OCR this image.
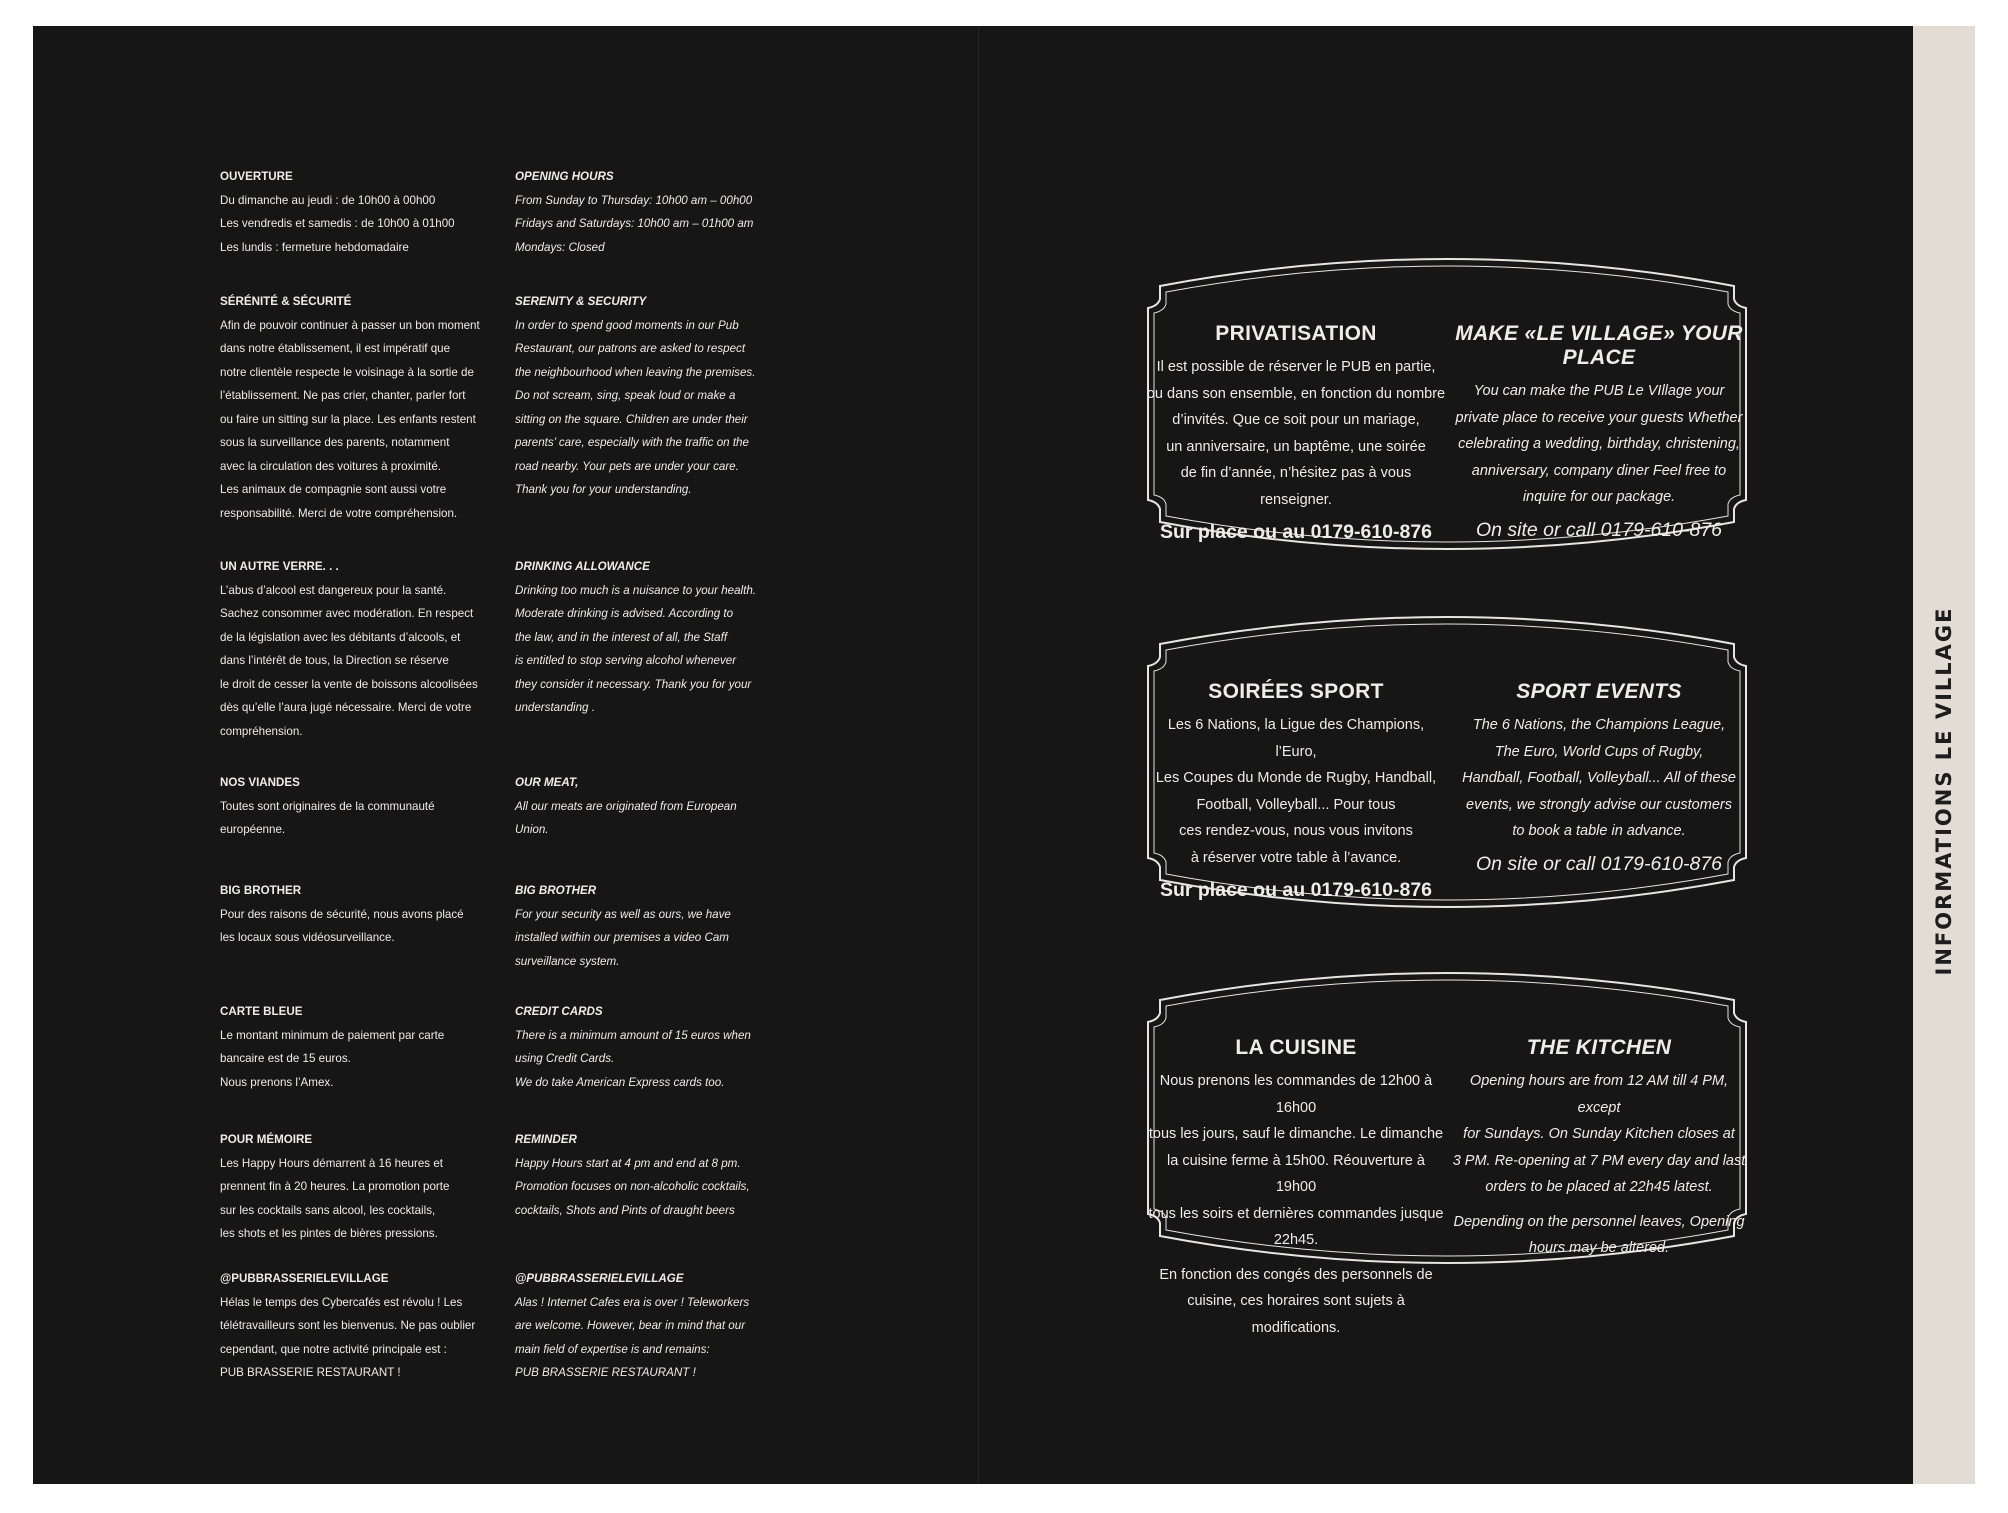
OUVERTURE
Du dimanche au jeudi : de 10h00 à 00h00
Les vendredis et samedis : de 10h00 à 01h00
Les lundis : fermeture hebdomadaire
SÉRÉNITÉ & SÉCURITÉ
Afin de pouvoir continuer à passer un bon moment
dans notre établissement, il est impératif que
notre clientèle respecte le voisinage à la sortie de
l’établissement. Ne pas crier, chanter, parler fort
ou faire un sitting sur la place. Les enfants restent
sous la surveillance des parents, notamment
avec la circulation des voitures à proximité.
Les animaux de compagnie sont aussi votre
responsabilité. Merci de votre compréhension.
UN AUTRE VERRE. . .
L’abus d’alcool est dangereux pour la santé.
Sachez consommer avec modération. En respect
de la législation avec les débitants d’alcools, et
dans l’intérêt de tous, la Direction se réserve
le droit de cesser la vente de boissons alcoolisées
dès qu’elle l’aura jugé nécessaire. Merci de votre
compréhension.
NOS VIANDES
Toutes sont originaires de la communauté
européenne.
BIG BROTHER
Pour des raisons de sécurité, nous avons placé
les locaux sous vidéosurveillance.
CARTE BLEUE
Le montant minimum de paiement par carte
bancaire est de 15 euros.
Nous prenons l’Amex.
POUR MÉMOIRE
Les Happy Hours démarrent à 16 heures et
prennent fin à 20 heures. La promotion porte
sur les cocktails sans alcool, les cocktails,
les shots et les pintes de bières pressions.
@PUBBRASSERIELEVILLAGE
Hélas le temps des Cybercafés est révolu ! Les
télétravailleurs sont les bienvenus. Ne pas oublier
cependant, que notre activité principale est :
PUB BRASSERIE RESTAURANT !
OPENING HOURS
From Sunday to Thursday: 10h00 am – 00h00
Fridays and Saturdays: 10h00 am – 01h00 am
Mondays: Closed
SERENITY & SECURITY
In order to spend good moments in our Pub
Restaurant, our patrons are asked to respect
the neighbourhood when leaving the premises.
Do not scream, sing, speak loud or make a
sitting on the square. Children are under their
parents’ care, especially with the traffic on the
road nearby. Your pets are under your care.
Thank you for your understanding.
DRINKING ALLOWANCE
Drinking too much is a nuisance to your health.
Moderate drinking is advised. According to
the law, and in the interest of all, the Staff
is entitled to stop serving alcohol whenever
they consider it necessary. Thank you for your
understanding .
OUR MEAT,
All our meats are originated from European
Union.
BIG BROTHER
For your security as well as ours, we have
installed within our premises a video Cam
surveillance system.
CREDIT CARDS
There is a minimum amount of 15 euros when
using Credit Cards.
We do take American Express cards too.
REMINDER
Happy Hours start at 4 pm and end at 8 pm.
Promotion focuses on non-alcoholic cocktails,
cocktails, Shots and Pints of draught beers
@PUBBRASSERIELEVILLAGE
Alas ! Internet Cafes era is over ! Teleworkers
are welcome. However, bear in mind that our
main field of expertise is and remains:
PUB BRASSERIE RESTAURANT !
PRIVATISATION
Il est possible de réserver le PUB en partie,
ou dans son ensemble, en fonction du nombre
d’invités. Que ce soit pour un mariage,
un anniversaire, un baptême, une soirée
de fin d’année, n’hésitez pas à vous renseigner.
Sur place ou au 0179-610-876
MAKE «LE VILLAGE» YOUR PLACE
You can make the PUB Le VIllage your
private place to receive your guests Whether
celebrating a wedding, birthday, christening,
anniversary, company diner Feel free to
inquire for our package.
On site or call 0179-610-876
SOIRÉES SPORT
Les 6 Nations, la Ligue des Champions, l’Euro,
Les Coupes du Monde de Rugby, Handball,
Football, Volleyball... Pour tous
ces rendez-vous, nous vous invitons
à réserver votre table à l’avance.
Sur place ou au 0179-610-876
SPORT EVENTS
The 6 Nations, the Champions League,
The Euro, World Cups of Rugby,
Handball, Football, Volleyball... All of these
events, we strongly advise our customers
to book a table in advance.
On site or call 0179-610-876
LA CUISINE
Nous prenons les commandes de 12h00 à 16h00
tous les jours, sauf le dimanche. Le dimanche
la cuisine ferme à 15h00. Réouverture à 19h00
tous les soirs et dernières commandes jusque 22h45.
En fonction des congés des personnels de
cuisine, ces horaires sont sujets à modifications.
THE KITCHEN
Opening hours are from 12 AM till 4 PM, except
for Sundays. On Sunday Kitchen closes at
3 PM. Re-opening at 7 PM every day and last
orders to be placed at 22h45 latest.
Depending on the personnel leaves, Opening
hours may be altered.
INFORMATIONS LE VILLAGE
